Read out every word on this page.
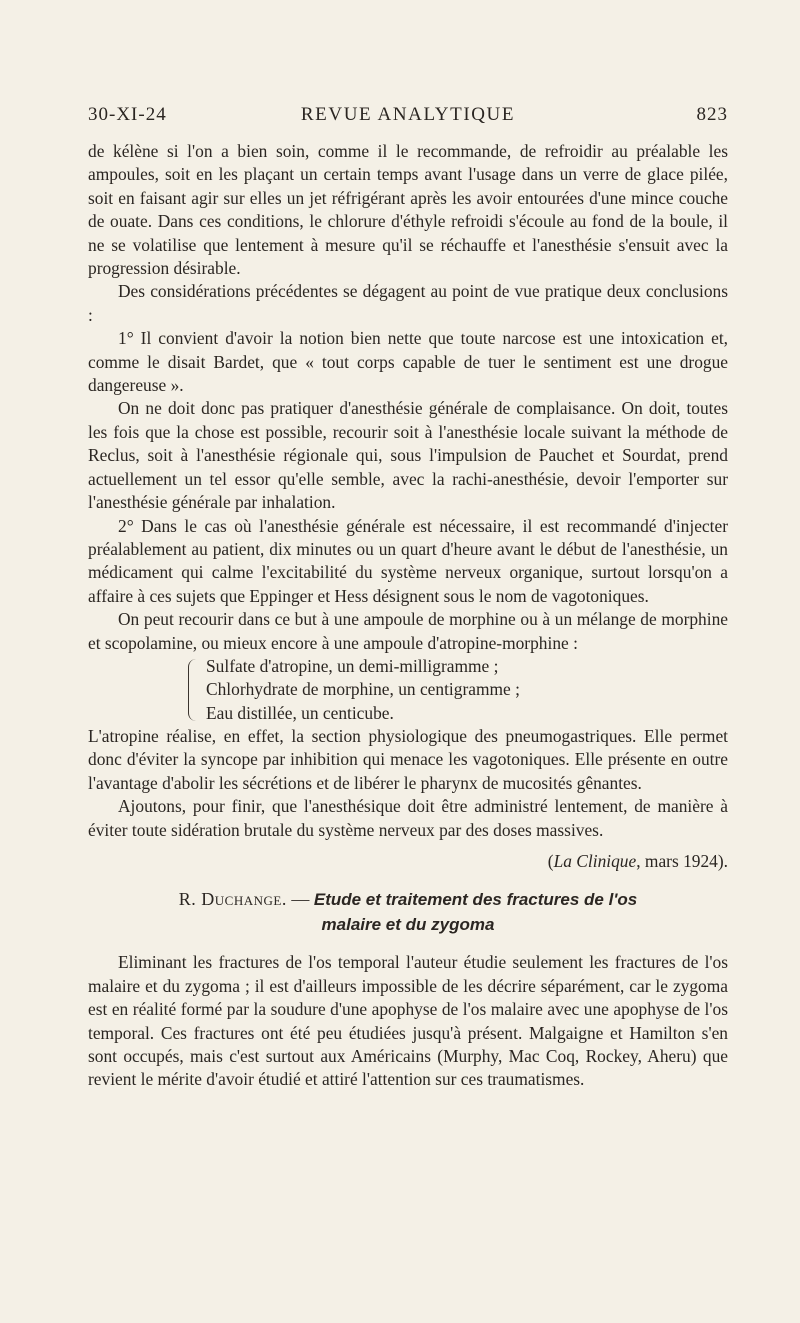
REVUE ANALYTIQUE
30-XI-24	823

de kélène si l'on a bien soin, comme il le recommande, de refroidir au préalable les ampoules, soit en les plaçant un certain temps avant l'usage dans un verre de glace pilée, soit en faisant agir sur elles un jet réfrigérant après les avoir entourées d'une mince couche de ouate. Dans ces conditions, le chlorure d'éthyle refroidi s'écoule au fond de la boule, il ne se volatilise que lentement à mesure qu'il se réchauffe et l'anesthésie s'ensuit avec la progression désirable.

Des considérations précédentes se dégagent au point de vue pratique deux conclusions :

1° Il convient d'avoir la notion bien nette que toute narcose est une intoxication et, comme le disait Bardet, que « tout corps capable de tuer le sentiment est une drogue dangereuse ».

On ne doit donc pas pratiquer d'anesthésie générale de complaisance. On doit, toutes les fois que la chose est possible, recourir soit à l'anesthésie locale suivant la méthode de Reclus, soit à l'anesthésie régionale qui, sous l'impulsion de Pauchet et Sourdat, prend actuellement un tel essor qu'elle semble, avec la rachi-anesthésie, devoir l'emporter sur l'anesthésie générale par inhalation.

2° Dans le cas où l'anesthésie générale est nécessaire, il est recommandé d'injecter préalablement au patient, dix minutes ou un quart d'heure avant le début de l'anesthésie, un médicament qui calme l'excitabilité du système nerveux organique, surtout lorsqu'on a affaire à ces sujets que Eppinger et Hess désignent sous le nom de vagotoniques.

On peut recourir dans ce but à une ampoule de morphine ou à un mélange de morphine et scopolamine, ou mieux encore à une ampoule d'atropine-morphine :

Sulfate d'atropine, un demi-milligramme ;
Chlorhydrate de morphine, un centigramme ;
Eau distillée, un centicube.

L'atropine réalise, en effet, la section physiologique des pneumogastriques. Elle permet donc d'éviter la syncope par inhibition qui menace les vagotoniques. Elle présente en outre l'avantage d'abolir les sécrétions et de libérer le pharynx de mucosités gênantes.

Ajoutons, pour finir, que l'anesthésique doit être administré lentement, de manière à éviter toute sidération brutale du système nerveux par des doses massives.

(La Clinique, mars 1924).
R. Duchange. — Etude et traitement des fractures de l'os
malaire et du zygoma

Eliminant les fractures de l'os temporal l'auteur étudie seulement les fractures de l'os malaire et du zygoma ; il est d'ailleurs impossible de les décrire séparément, car le zygoma est en réalité formé par la soudure d'une apophyse de l'os malaire avec une apophyse de l'os temporal. Ces fractures ont été peu étudiées jusqu'à présent. Malgaigne et Hamilton s'en sont occupés, mais c'est surtout aux Américains (Murphy, Mac Coq, Rockey, Aheru) que revient le mérite d'avoir étudié et attiré l'attention sur ces traumatismes.
